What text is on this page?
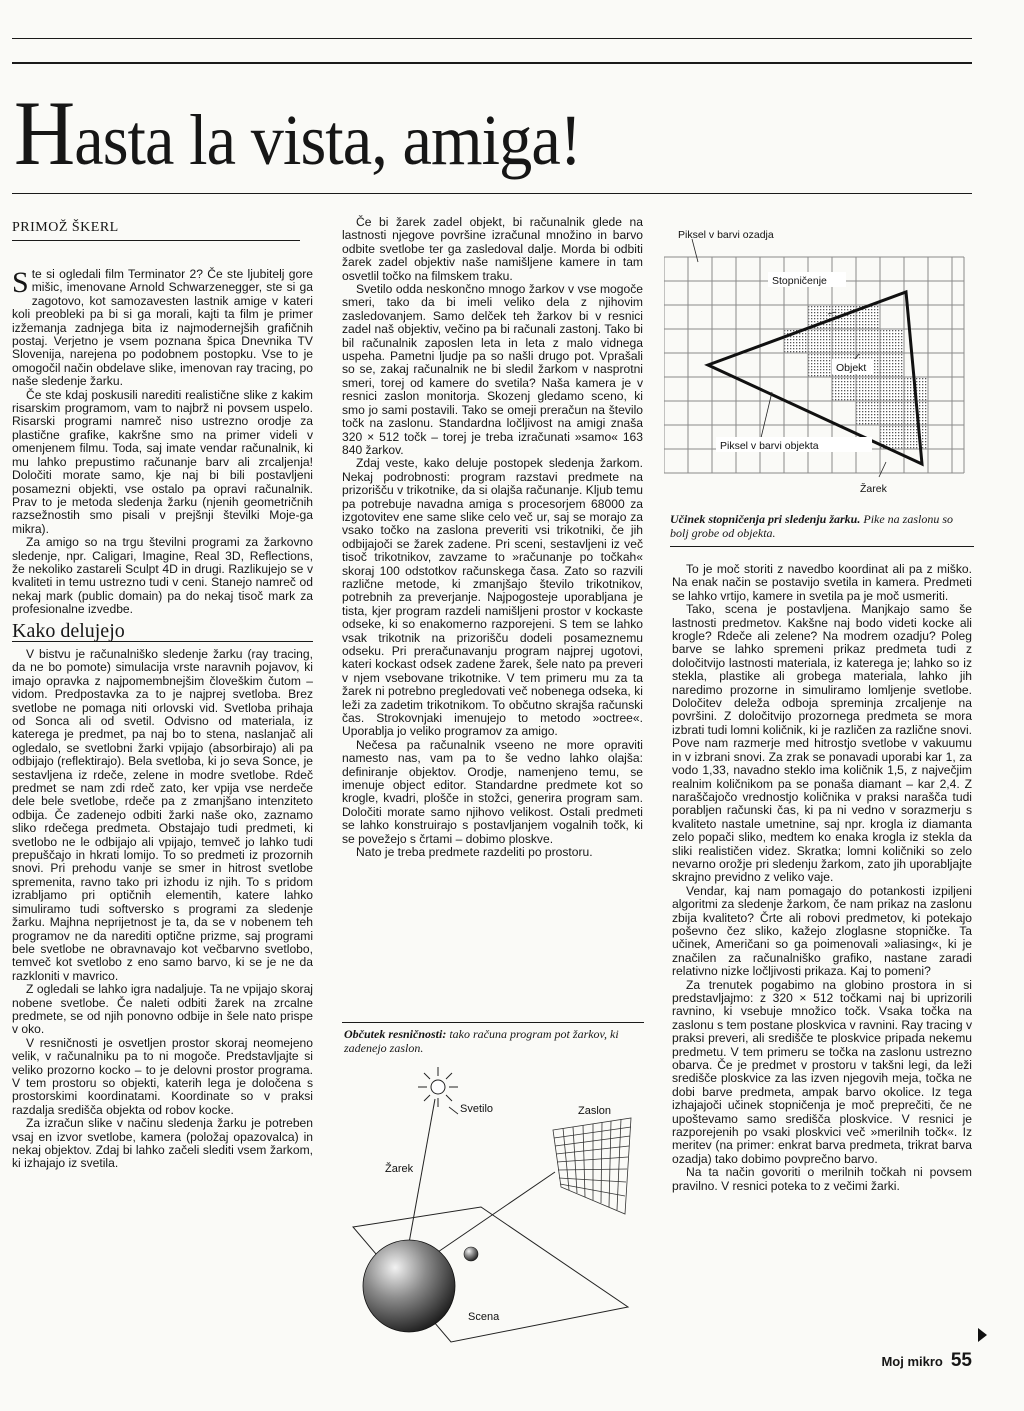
Hasta la vista, amiga!
PRIMOŽ ŠKERL

Ste si ogledali film Terminator 2? Če ste ljubitelj gore mišic, imenovane Arnold Schwarzenegger, ste si ga zagotovo, kot samozavesten lastnik amige v kateri koli preobleki pa bi si ga morali, kajti ta film je primer izžemanja zadnjega bita iz najmodernejših grafičnih postaj. Verjetno je vsem poznana špica Dnevnika TV Slovenija, narejena po podobnem postopku. Vse to je omogočil način obdelave slike, imenovan ray tracing, po naše sledenje žarku.

Če ste kdaj poskusili narediti realistične slike z kakim risarskim programom, vam to najbrž ni povsem uspelo. Risarski programi namreč niso ustrezno orodje za plastične grafike, kakršne smo na primer videli v omenjenem filmu. Toda, saj imate vendar računalnik, ki mu lahko prepustimo računanje barv ali zrcaljenja! Določiti morate samo, kje naj bi bili postavljeni posamezni objekti, vse ostalo pa opravi računalnik. Prav to je metoda sledenja žarku (njenih geometričnih razsežnostih smo pisali v prejšnji številki Moje-ga mikra).

Za amigo so na trgu številni programi za žarkovno sledenje, npr. Caligari, Imagine, Real 3D, Reflections, že nekoliko zastareli Sculpt 4D in drugi. Razlikujejo se v kvaliteti in temu ustrezno tudi v ceni. Stanejo namreč od nekaj mark (public domain) pa do nekaj tisoč mark za profesionalne izvedbe.

Kako delujejo

V bistvu je računalniško sledenje žarku (ray tracing, da ne bo pomote) simulacija vrste naravnih pojavov, ki imajo opravka z najpomembnejšim človeškim čutom – vidom. Predpostavka za to je najprej svetloba. Brez svetlobe ne pomaga niti orlovski vid. Svetloba prihaja od Sonca ali od svetil. Odvisno od materiala, iz katerega je predmet, pa naj bo to stena, naslanjač ali ogledalo, se svetlobni žarki vpijajo (absorbirajo) ali pa odbijajo (reflektirajo). Bela svetloba, ki jo seva Sonce, je sestavljena iz rdeče, zelene in modre svetlobe. Rdeč predmet se nam zdi rdeč zato, ker vpija vse nerdeče dele bele svetlobe, rdeče pa z zmanjšano intenziteto odbija. Če zadenejo odbiti žarki naše oko, zaznamo sliko rdečega predmeta. Obstajajo tudi predmeti, ki svetlobo ne le odbijajo ali vpijajo, temveč jo lahko tudi prepuščajo in hkrati lomijo. To so predmeti iz prozornih snovi. Pri prehodu vanje se smer in hitrost svetlobe spremenita, ravno tako pri izhodu iz njih. To s pridom izrabljamo pri optičnih elementih, katere lahko simuliramo tudi softversko s programi za sledenje žarku. Majhna neprijetnost je ta, da se v nobenem teh programov ne da narediti optične prizme, saj programi bele svetlobe ne obravnavajo kot večbarvno svetlobo, temveč kot svetlobo z eno samo barvo, ki se je ne da razkloniti v mavrico.

Z ogledali se lahko igra nadaljuje. Ta ne vpijajo skoraj nobene svetlobe. Če naleti odbiti žarek na zrcalne predmete, se od njih ponovno odbije in šele nato prispe v oko.

V resničnosti je osvetljen prostor skoraj neomejeno velik, v računalniku pa to ni mogoče. Predstavljajte si veliko prozorno kocko – to je delovni prostor programa. V tem prostoru so objekti, katerih lega je določena s prostorskimi koordinatami. Koordinate so v praksi razdalja središča objekta od robov kocke.

Za izračun slike v načinu sledenja žarku je potreben vsaj en izvor svetlobe, kamera (položaj opazovalca) in nekaj objektov. Zdaj bi lahko začeli slediti vsem žarkom, ki izhajajo iz svetila.

Če bi žarek zadel objekt, bi računalnik glede na lastnosti njegove površine izračunal množino in barvo odbite svetlobe ter ga zasledoval dalje. Morda bi odbiti žarek zadel objektiv naše namišljene kamere in tam osvetlil točko na filmskem traku.

Svetilo odda neskončno mnogo žarkov v vse mogoče smeri, tako da bi imeli veliko dela z njihovim zasledovanjem. Samo delček teh žarkov bi v resnici zadel naš objektiv, večino pa bi računali zastonj. Tako bi bil računalnik zaposlen leta in leta z malo vidnega uspeha. Pametni ljudje pa so našli drugo pot. Vprašali so se, zakaj računalnik ne bi sledil žarkom v nasprotni smeri, torej od kamere do svetila? Naša kamera je v resnici zaslon monitorja. Skozenj gledamo sceno, ki smo jo sami postavili. Tako se omeji preračun na število točk na zaslonu. Standardna ločljivost na amigi znaša 320 × 512 točk – torej je treba izračunati »samo« 163 840 žarkov.

Zdaj veste, kako deluje postopek sledenja žarkom. Nekaj podrobnosti: program razstavi predmete na prizorišču v trikotnike, da si olajša računanje. Kljub temu pa potrebuje navadna amiga s procesorjem 68000 za izgotovitev ene same slike celo več ur, saj se morajo za vsako točko na zaslona preveriti vsi trikotniki, če jih odbijajoči se žarek zadene. Pri sceni, sestavljeni iz več tisoč trikotnikov, zavzame to »računanje po točkah« skoraj 100 odstotkov računskega časa. Zato so razvili različne metode, ki zmanjšajo število trikotnikov, potrebnih za preverjanje. Najpogosteje uporabljana je tista, kjer program razdeli namišljeni prostor v kockaste odseke, ki so enakomerno razporejeni. S tem se lahko vsak trikotnik na prizorišču dodeli posameznemu odseku. Pri preračunavanju program najprej ugotovi, kateri kockast odsek zadene žarek, šele nato pa preveri v njem vsebovane trikotnike. V tem primeru mu za ta žarek ni potrebno pregledovati več nobenega odseka, ki leži za zadetim trikotnikom. To občutno skrajša računski čas. Strokovnjaki imenujejo to metodo »octree«. Uporablja jo veliko programov za amigo.

Nečesa pa računalnik vseeno ne more opraviti namesto nas, vam pa to še vedno lahko olajša: definiranje objektov. Orodje, namenjeno temu, se imenuje object editor. Standardne predmete kot so krogle, kvadri, plošče in stožci, generira program sam. Določiti morate samo njihovo velikost. Ostali predmeti se lahko konstruirajo s postavljanjem vogalnih točk, ki se povežejo s črtami – dobimo ploskve.

Nato je treba predmete razdeliti po prostoru.

Piksel v barvi ozadja
Stopničenje
Objekt
Piksel v barvi objekta
Žarek
Učinek stopničenja pri sledenju žarku. Pike na zaslonu so bolj grobe od objekta.

To je moč storiti z navedbo koordinat ali pa z miško. Na enak način se postavijo svetila in kamera. Predmeti se lahko vrtijo, kamere in svetila pa je moč usmeriti.

Tako, scena je postavljena. Manjkajo samo še lastnosti predmetov. Kakšne naj bodo videti kocke ali krogle? Rdeče ali zelene? Na modrem ozadju? Poleg barve se lahko spremeni prikaz predmeta tudi z določitvijo lastnosti materiala, iz katerega je; lahko so iz stekla, plastike ali grobega materiala, lahko jih naredimo prozorne in simuliramo lomljenje svetlobe. Določitev deleža odboja spreminja zrcaljenje na površini. Z določitvijo prozornega predmeta se mora izbrati tudi lomni količnik, ki je različen za različne snovi. Pove nam razmerje med hitrostjo svetlobe v vakuumu in v izbrani snovi. Za zrak se ponavadi uporabi kar 1, za vodo 1,33, navadno steklo ima količnik 1,5, z največjim realnim količnikom pa se ponaša diamant – kar 2,4. Z naraščajočo vrednostjo količnika v praksi narašča tudi porabljen računski čas, ki pa ni vedno v sorazmerju s kvaliteto nastale umetnine, saj npr. krogla iz diamanta zelo popači sliko, medtem ko enaka krogla iz stekla da sliki realističen videz. Skratka; lomni količniki so zelo nevarno orožje pri sledenju žarkom, zato jih uporabljajte skrajno previdno z veliko vaje.

Vendar, kaj nam pomagajo do potankosti izpiljeni algoritmi za sledenje žarkom, če nam prikaz na zaslonu zbija kvaliteto? Črte ali robovi predmetov, ki potekajo poševno čez sliko, kažejo zloglasne stopničke. Ta učinek, Američani so ga poimenovali »aliasing«, ki je značilen za računalniško grafiko, nastane zaradi relativno nizke ločljivosti prikaza. Kaj to pomeni?

Za trenutek pogabimo na globino prostora in si predstavljajmo: z 320 × 512 točkami naj bi uprizorili ravnino, ki vsebuje množico točk. Vsaka točka na zaslonu s tem postane ploskvica v ravnini. Ray tracing v praksi preveri, ali središče te ploskvice pripada nekemu predmetu. V tem primeru se točka na zaslonu ustrezno obarva. Če je predmet v prostoru v takšni legi, da leži središče ploskvice za las izven njegovih meja, točka ne dobi barve predmeta, ampak barvo okolice. Iz tega izhajajoči učinek stopničenja je moč preprečiti, če ne upoštevamo samo središča ploskvice. V resnici je razporejenih po vsaki ploskvici več »merilnih točk«. Iz meritev (na primer: enkrat barva predmeta, trikrat barva ozadja) tako dobimo povprečno barvo.

Na ta način govoriti o merilnih točkah ni povsem pravilno. V resnici poteka to z večimi žarki.

Občutek resničnosti: tako računa program pot žarkov, ki zadenejo zaslon.
Svetilo	Zaslon
Žarek
Scena
Moj mikro 55
